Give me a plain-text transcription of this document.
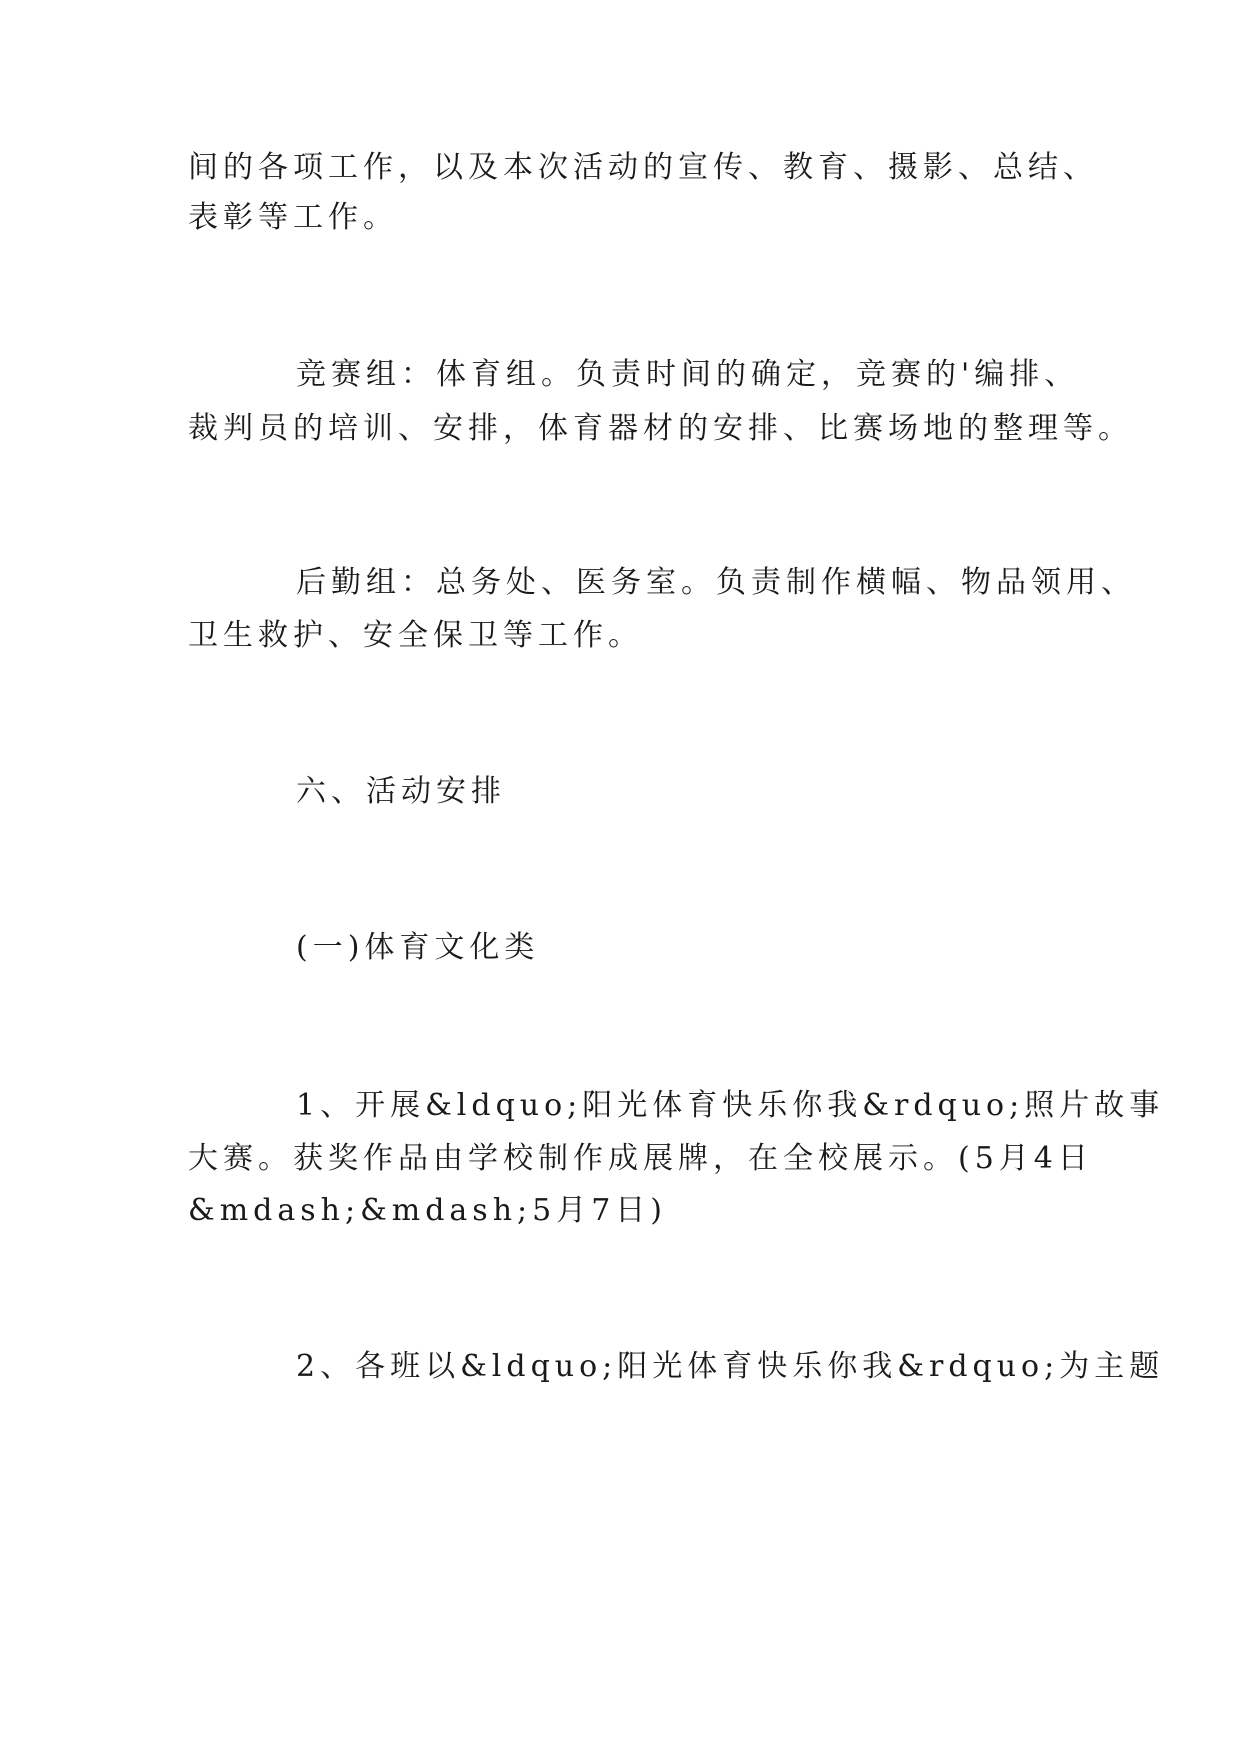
间的各项工作，以及本次活动的宣传、教育、摄影、总结、
表彰等工作。
竞赛组：体育组。负责时间的确定，竞赛的'编排、
裁判员的培训、安排，体育器材的安排、比赛场地的整理等。
后勤组：总务处、医务室。负责制作横幅、物品领用、
卫生救护、安全保卫等工作。
六、活动安排
(一)体育文化类
1、开展&ldquo;阳光体育快乐你我&rdquo;照片故事
大赛。获奖作品由学校制作成展牌，在全校展示。(5月4日
&mdash;&mdash;5月7日)
2、各班以&ldquo;阳光体育快乐你我&rdquo;为主题
